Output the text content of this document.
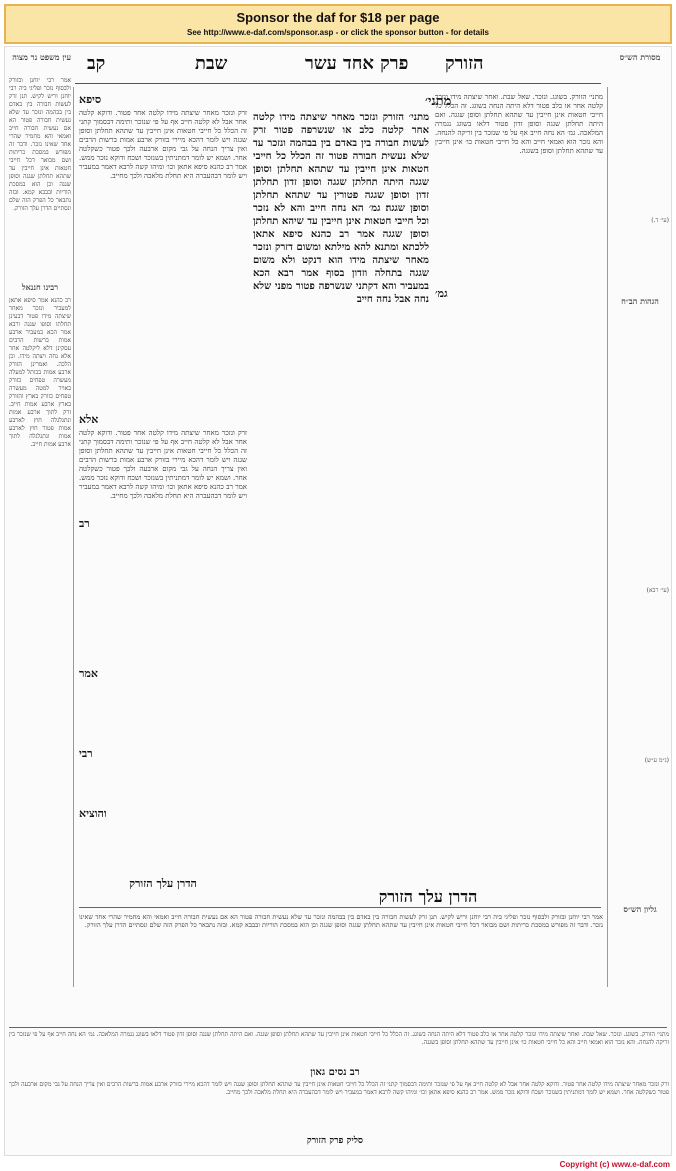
Sponsor the daf for $18 per page
See http://www.e-daf.com/sponsor.asp - or click the sponsor button - for details
קב	שבת	פרק אחד עשר הזורק
עין משפט נר מצוה
אמר רבי יוחנן ובזורק ולבסוף נזכר ופליגי ביה רבי יוחנן וריש לקיש. תנן זרק לעשות חבורה בין באדם בין בבהמה ונזכר עד שלא נעשית חבורה פטור הא אם נעשית חבורה חייב ואמאי והא מחמיר שהרי אחד שאינו נזכר. ודבר זה מפורש במסכת כריתות ושם מבואר דכל חייבי חטאות אינן חייבין עד שתהא תחלתן שגגה וסופן שגגה וכן הוא במסכת הוריות ובבבא קמא. ובזה נתבאר כל הפרק הזה שלם ונסתיים הדרן עלך הזורק.
רבינו חננאל
רב כהנא אמר סיפא אתאן למעביר ונזכר מאחר שיצתה מידו פטור דבעינן תחלתו וסופו שגגה ורבא אמר הכא במעביר ארבע אמות ברשות הרבים עסקינן דלא ליקלטה אחר אלא נחה ויצתה מידו. וכן הלכה. ואמרינן הזורק ארבע אמות בכותל למעלה מעשרה טפחים כזורק באויר למטה מעשרה טפחים כזורק בארץ והזורק בארץ ארבע אמות חייב. זרק לתוך ארבע אמות ונתגלגלה חוץ לארבע אמות פטור חוץ לארבע אמות ונתגלגלה לתוך ארבע אמות חייב.
מסורת הש״ס
(עי׳ ד.)
הגהות הב״ח
(עי׳ רבא)
(נ״מ ע״ש)
גליון הש״ס
סיפא
זרק ונזכר מאחר שיצתה מידו קלטה אחר פטור. ודוקא קלטה אחר אבל לא קלטה חייב אף על פי שנזכר ותימה דבסמוך קתני זה הכלל כל חייבי חטאות אינן חייבין עד שתהא תחלתן וסופן שגגה ויש לומר דהכא מיירי בזורק ארבע אמות ברשות הרבים ואין צריך הנחה על גבי מקום ארבעה ולכך פטור כשקלטה אחר. ושמא יש לומר דמתניתין בשנזכר ושכח ודוקא נזכר ממש. אמר רב כהנא סיפא אתאן וכו׳ ומיהו קשה לרבא דאמר במעביר ויש לומר דבהעברה היא תחלת מלאכה ולכך מחייב.
אלא
זרק ונזכר מאחר שיצתה מידו קלטה אחר פטור. ודוקא קלטה אחר אבל לא קלטה חייב אף על פי שנזכר ותימה דבסמוך קתני זה הכלל כל חייבי חטאות אינן חייבין עד שתהא תחלתן וסופן שגגה ויש לומר דהכא מיירי בזורק ארבע אמות ברשות הרבים ואין צריך הנחה על גבי מקום ארבעה ולכך פטור כשקלטה אחר. ושמא יש לומר דמתניתין בשנזכר ושכח ודוקא נזכר ממש. אמר רב כהנא סיפא אתאן וכו׳ ומיהו קשה לרבא דאמר במעביר ויש לומר דבהעברה היא תחלת מלאכה ולכך מחייב.
רב
אמר
רבי
והוציא
הדרן עלך הזורק
מתני׳
מתני׳ הזורק ונזכר מאחר שיצתה מידו קלטה אחר קלטה כלב או שנשרפה פטור זרק לעשות חבורה בין באדם בין בבהמה ונזכר עד שלא נעשית חבורה פטור זה הכלל כל חייבי חטאות אינן חייבין עד שתהא תחלתן וסופן שגגה היתה תחלתן שגגה וסופן זדון תחלתן זדון וסופן שגגה פטורין עד שתהא תחלתן וסופן שגגה׃ גמ׳ הא נחה חייב והא לא נזכר וכל חייבי חטאות אינן חייבין עד שיהא תחלתן וסופן שגגה אמר רב כהנא סיפא אתאן ללכתא ומתנא להא מילתא ומשום דזרק ונזכר מאחר שיצתה מידו הוא דנקט ולא משום שגגה בתחלה וזדון בסוף אמר רבא הכא במעביר והא דקתני שנשרפה פטור מפני שלא נחה אבל נחה חייב גמ׳
מתני׳ הזורק. בשוגג. ונזכר. שאל שבת. ואחר שיצתה מידו ונזכר קלטה אחר או כלב פטור דלא היתה הנחה בשוגג. זה הכלל כל חייבי חטאות אינן חייבין עד שתהא תחלתן וסופן שגגה. ואם היתה תחלתן שגגה וסופן זדון פטור דלאו בשוגג נגמרה המלאכה. גמ׳ הא נחה חייב אף על פי שנזכר בין זריקה להנחה. והא נזכר הוא ואמאי חייב והא כל חייבי חטאות כו׳ אינן חייבין עד שתהא תחלתן וסופן בשגגה.
הדרן עלך הזורק
אמר רבי יוחנן ובזורק ולבסוף נזכר ופליגי ביה רבי יוחנן וריש לקיש. תנן זרק לעשות חבורה בין באדם בין בבהמה ונזכר עד שלא נעשית חבורה פטור הא אם נעשית חבורה חייב ואמאי והא מחמיר שהרי אחד שאינו נזכר. ודבר זה מפורש במסכת כריתות ושם מבואר דכל חייבי חטאות אינן חייבין עד שתהא תחלתן שגגה וסופן שגגה וכן הוא במסכת הוריות ובבבא קמא. ובזה נתבאר כל הפרק הזה שלם ונסתיים הדרן עלך הזורק.
מתני׳ הזורק. בשוגג. ונזכר. שאל שבת. ואחר שיצתה מידו ונזכר קלטה אחר או כלב פטור דלא היתה הנחה בשוגג. זה הכלל כל חייבי חטאות אינן חייבין עד שתהא תחלתן וסופן שגגה. ואם היתה תחלתן שגגה וסופן זדון פטור דלאו בשוגג נגמרה המלאכה. גמ׳ הא נחה חייב אף על פי שנזכר בין זריקה להנחה. והא נזכר הוא ואמאי חייב והא כל חייבי חטאות כו׳ אינן חייבין עד שתהא תחלתן וסופן בשגגה.
רב נסים גאון
זרק ונזכר מאחר שיצתה מידו קלטה אחר פטור. ודוקא קלטה אחר אבל לא קלטה חייב אף על פי שנזכר ותימה דבסמוך קתני זה הכלל כל חייבי חטאות אינן חייבין עד שתהא תחלתן וסופן שגגה ויש לומר דהכא מיירי בזורק ארבע אמות ברשות הרבים ואין צריך הנחה על גבי מקום ארבעה ולכך פטור כשקלטה אחר. ושמא יש לומר דמתניתין בשנזכר ושכח ודוקא נזכר ממש. אמר רב כהנא סיפא אתאן וכו׳ ומיהו קשה לרבא דאמר במעביר ויש לומר דבהעברה היא תחלת מלאכה ולכך מחייב.
סליק פרק הזורק
Copyright (c) www.e-daf.com
